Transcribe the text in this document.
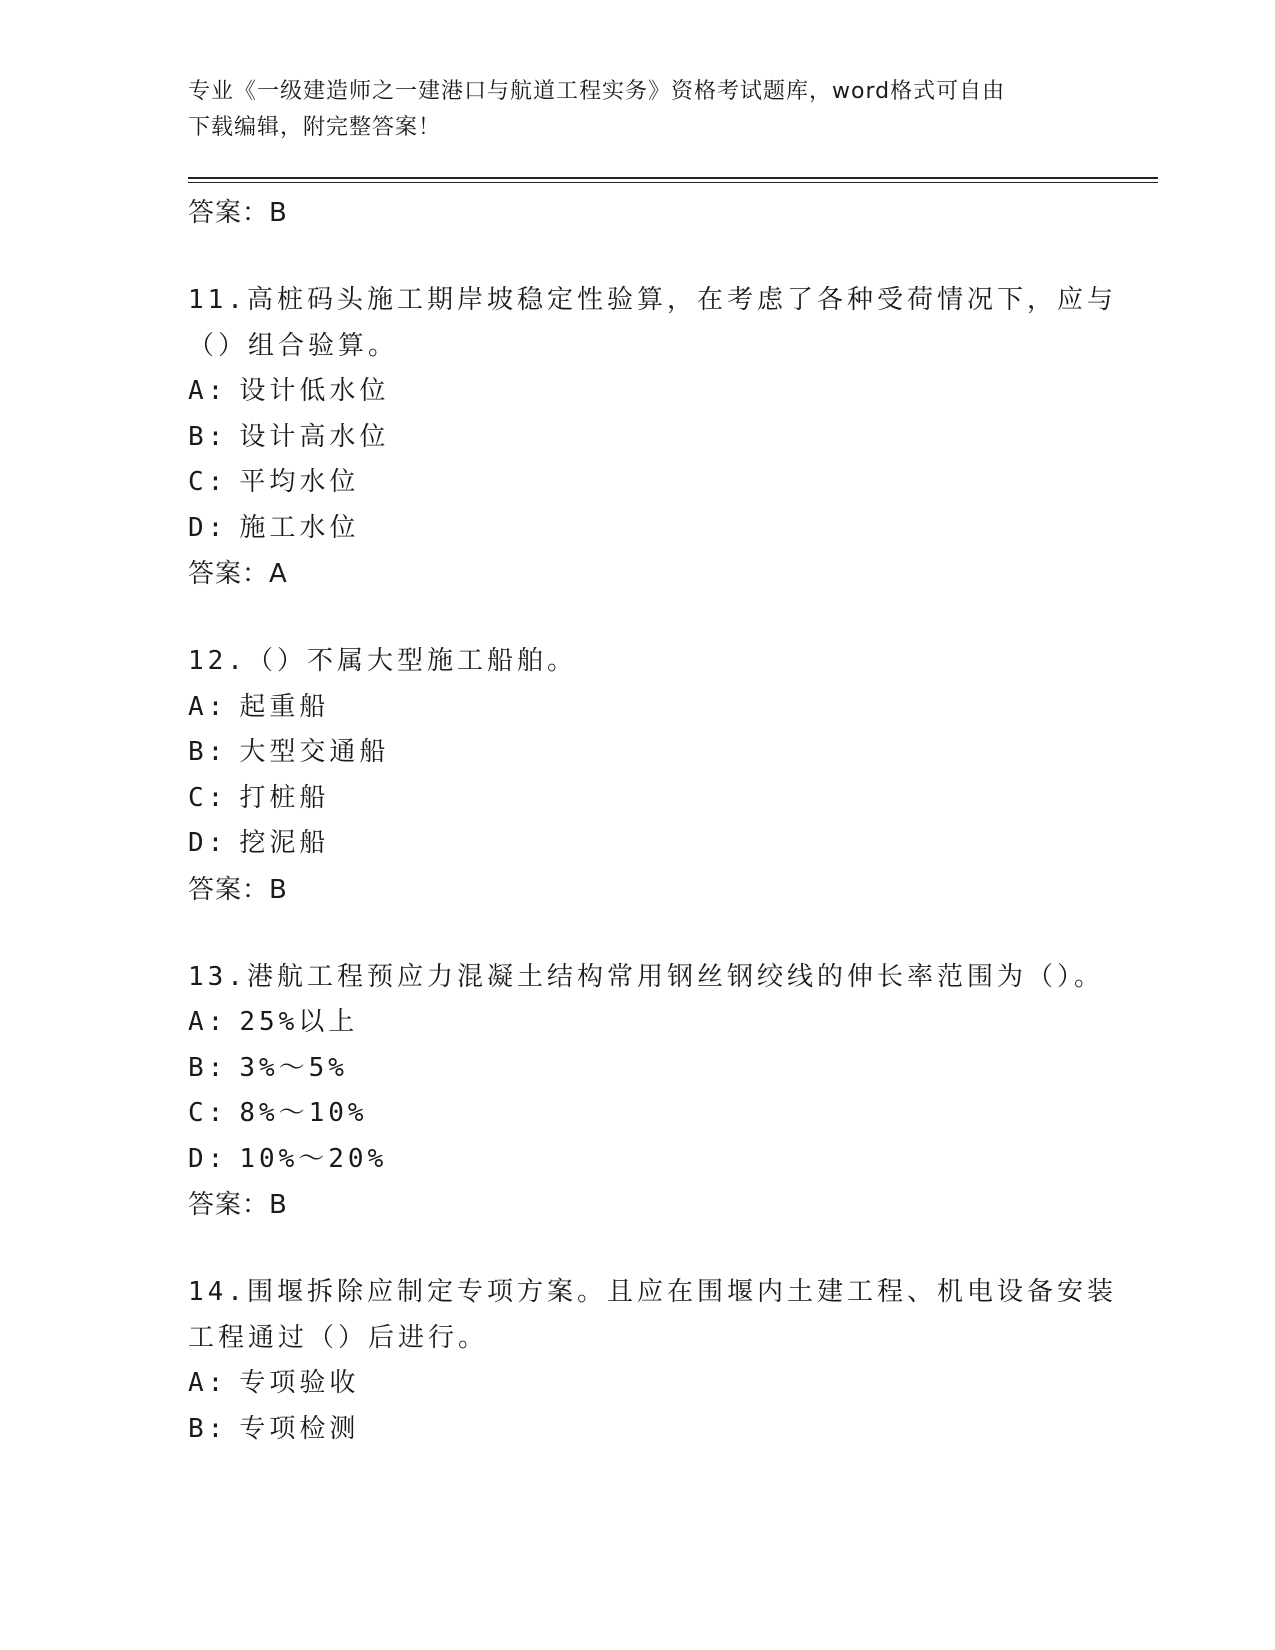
专业《一级建造师之一建港口与航道工程实务》资格考试题库，word格式可自由
下载编辑，附完整答案！
答案：B
11.高桩码头施工期岸坡稳定性验算，在考虑了各种受荷情况下，应与
（）组合验算。
A: 设计低水位
B: 设计高水位
C: 平均水位
D: 施工水位
答案：A
12.（）不属大型施工船舶。
A: 起重船
B: 大型交通船
C: 打桩船
D: 挖泥船
答案：B
13.港航工程预应力混凝土结构常用钢丝钢绞线的伸长率范围为（）。
A: 25%以上
B: 3%～5%
C: 8%～10%
D: 10%～20%
答案：B
14.围堰拆除应制定专项方案。且应在围堰内土建工程、机电设备安装
工程通过（）后进行。
A: 专项验收
B: 专项检测
